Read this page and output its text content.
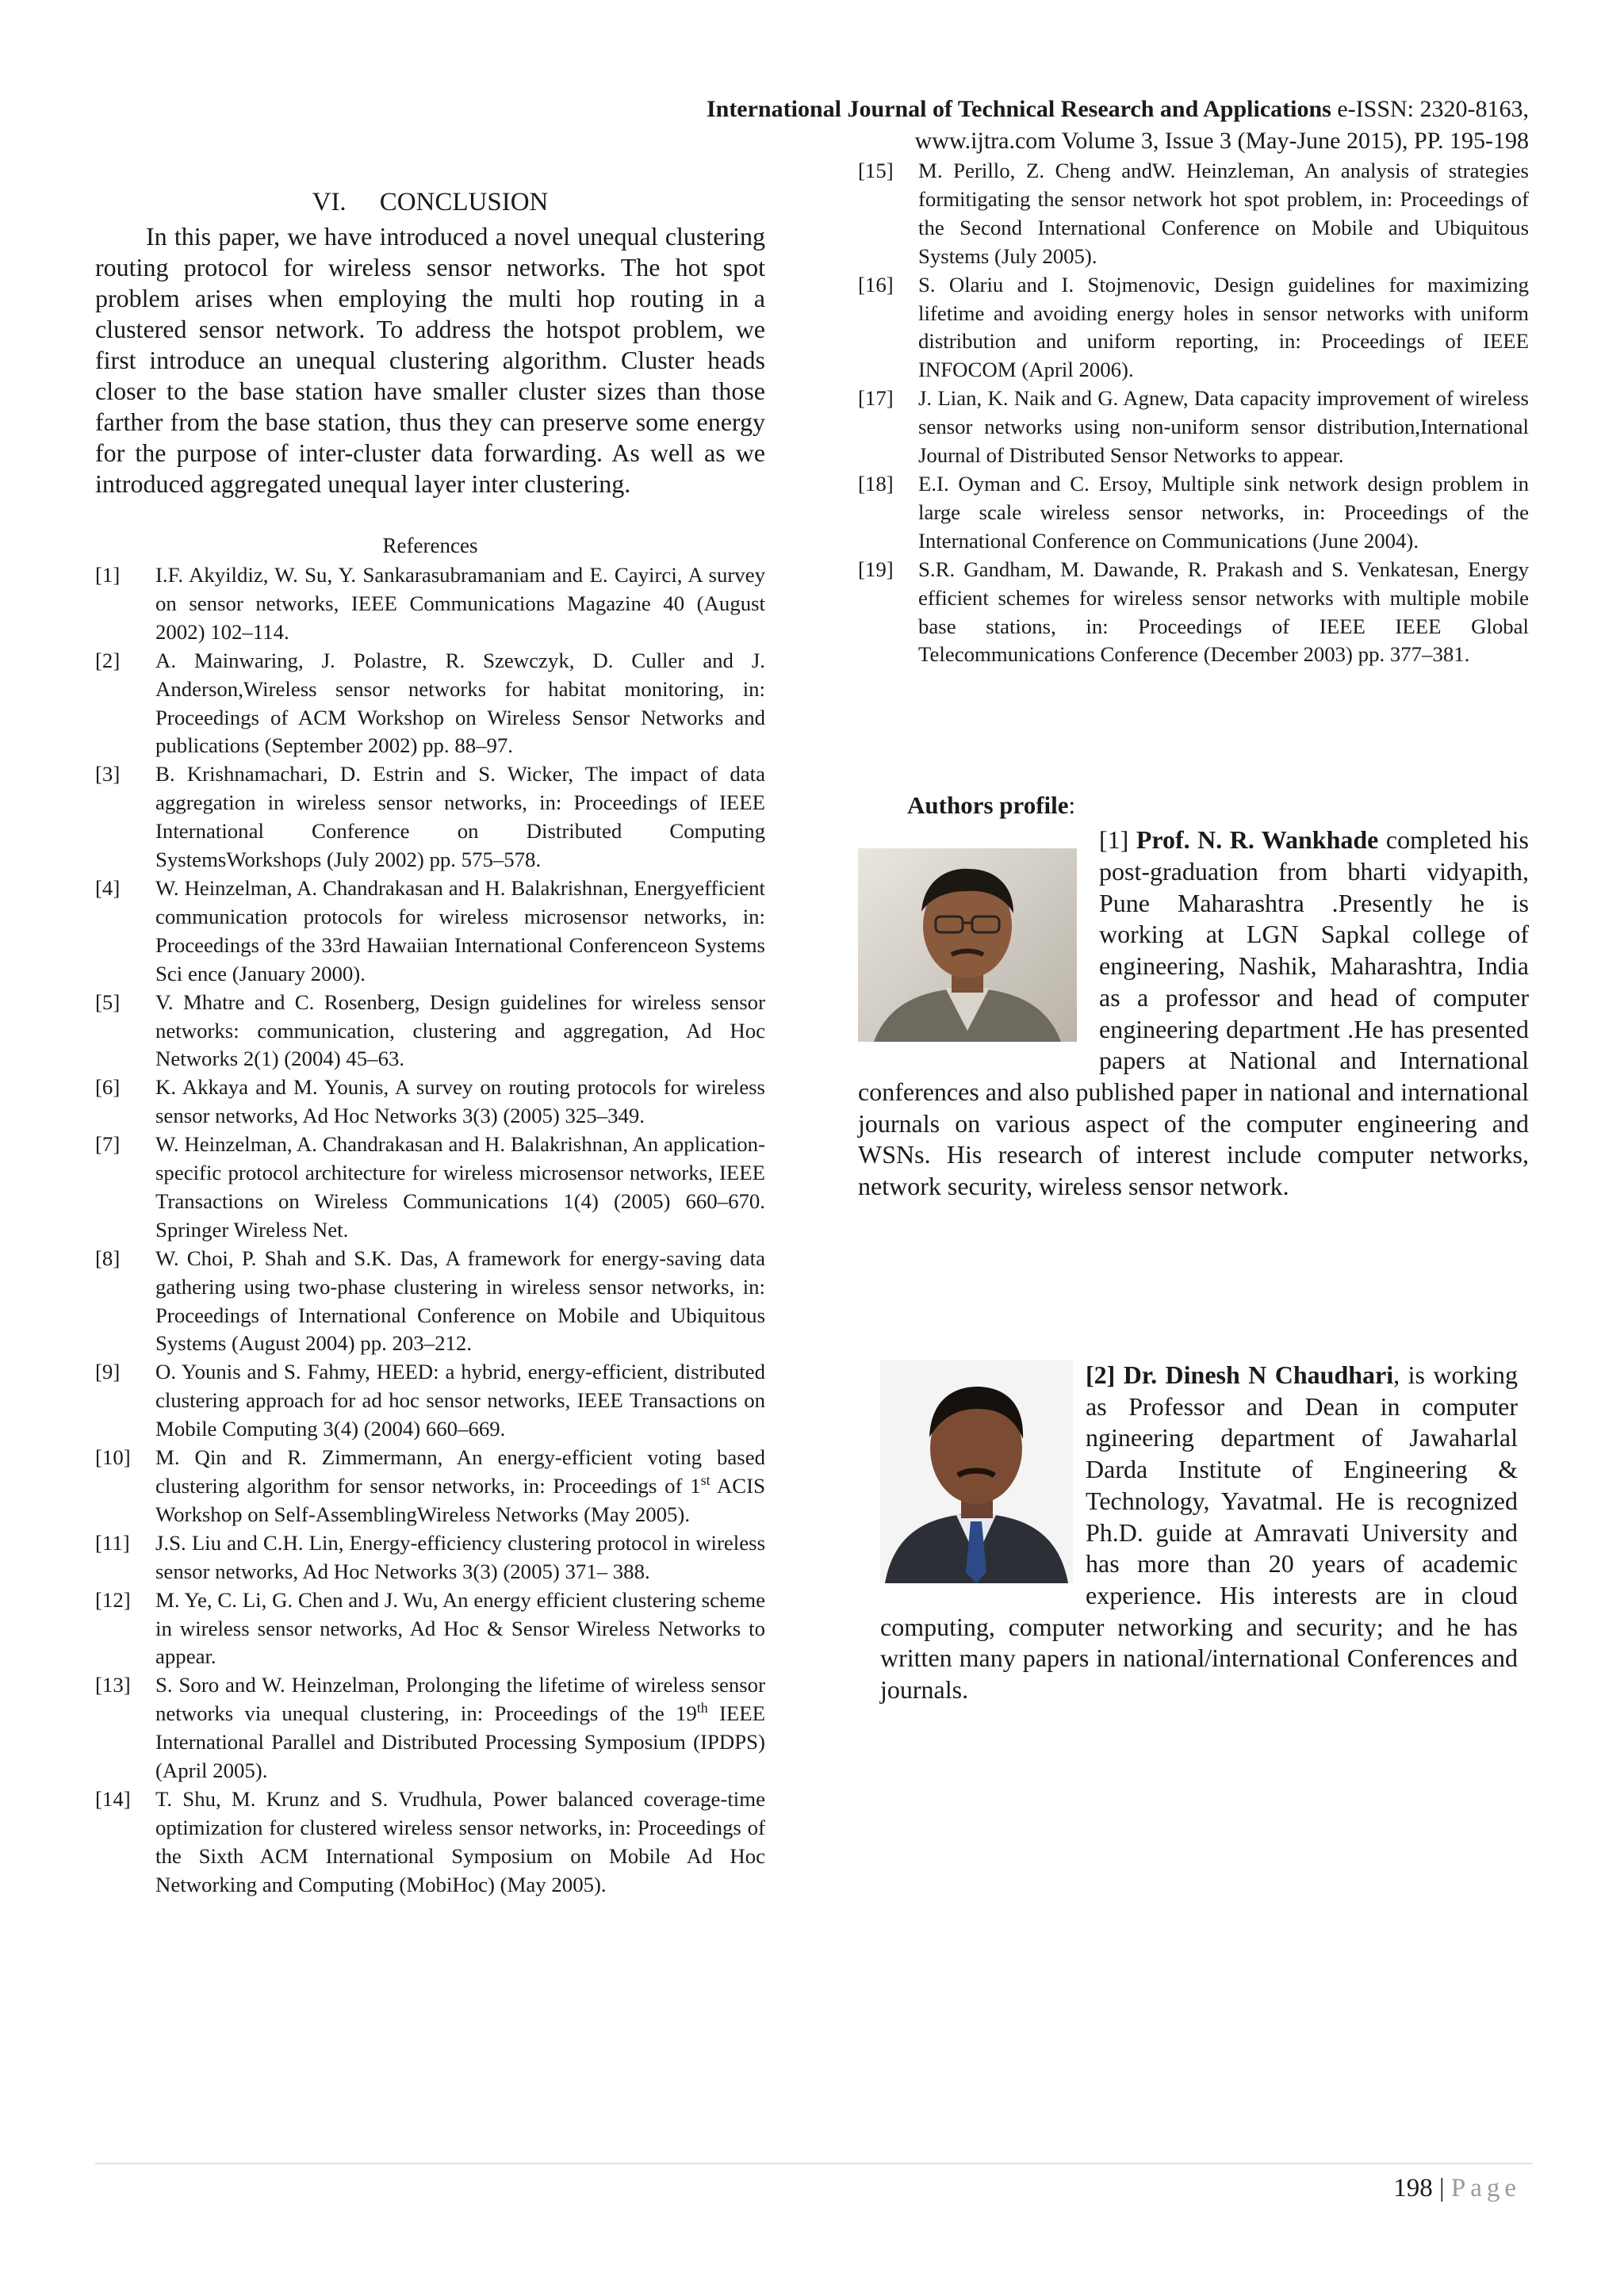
International Journal of Technical Research and Applications e-ISSN: 2320-8163,
www.ijtra.com Volume 3, Issue 3 (May-June 2015), PP. 195-198
VI. CONCLUSION

In this paper, we have introduced a novel unequal clustering routing protocol for wireless sensor networks. The hot spot problem arises when employing the multi hop routing in a clustered sensor network. To address the hotspot problem, we first introduce an unequal clustering algorithm. Cluster heads closer to the base station have smaller cluster sizes than those farther from the base station, thus they can preserve some energy for the purpose of inter-cluster data forwarding. As well as we introduced aggregated unequal layer inter clustering.

References
[1]	I.F. Akyildiz, W. Su, Y. Sankarasubramaniam and E. Cayirci, A survey on sensor networks, IEEE Communications Magazine 40 (August 2002) 102–114.
[2]	A. Mainwaring, J. Polastre, R. Szewczyk, D. Culler and J. Anderson,Wireless sensor networks for habitat monitoring, in: Proceedings of ACM Workshop on Wireless Sensor Networks and publications (September 2002) pp. 88–97.
[3]	B. Krishnamachari, D. Estrin and S. Wicker, The impact of data aggregation in wireless sensor networks, in: Proceedings of IEEE International Conference on Distributed Computing SystemsWorkshops (July 2002) pp. 575–578.
[4]	W. Heinzelman, A. Chandrakasan and H. Balakrishnan, Energyefficient communication protocols for wireless microsensor networks, in: Proceedings of the 33rd Hawaiian International Conferenceon Systems Sci ence (January 2000).
[5]	V. Mhatre and C. Rosenberg, Design guidelines for wireless sensor networks: communication, clustering and aggregation, Ad Hoc Networks 2(1) (2004) 45–63.
[6]	K. Akkaya and M. Younis, A survey on routing protocols for wireless sensor networks, Ad Hoc Networks 3(3) (2005) 325–349.
[7]	W. Heinzelman, A. Chandrakasan and H. Balakrishnan, An application-specific protocol architecture for wireless microsensor networks, IEEE Transactions on Wireless Communications 1(4) (2005) 660–670. Springer Wireless Net.
[8]	W. Choi, P. Shah and S.K. Das, A framework for energy-saving data gathering using two-phase clustering in wireless sensor networks, in: Proceedings of International Conference on Mobile and Ubiquitous Systems (August 2004) pp. 203–212.
[9]	O. Younis and S. Fahmy, HEED: a hybrid, energy-efficient, distributed clustering approach for ad hoc sensor networks, IEEE Transactions on Mobile Computing 3(4) (2004) 660–669.
[10]	M. Qin and R. Zimmermann, An energy-efficient voting based clustering algorithm for sensor networks, in: Proceedings of 1st ACIS Workshop on Self-AssemblingWireless Networks (May 2005).
[11]	J.S. Liu and C.H. Lin, Energy-efficiency clustering protocol in wireless sensor networks, Ad Hoc Networks 3(3) (2005) 371– 388.
[12]	M. Ye, C. Li, G. Chen and J. Wu, An energy efficient clustering scheme in wireless sensor networks, Ad Hoc & Sensor Wireless Networks to appear.
[13]	S. Soro and W. Heinzelman, Prolonging the lifetime of wireless sensor networks via unequal clustering, in: Proceedings of the 19th IEEE International Parallel and Distributed Processing Symposium (IPDPS) (April 2005).
[14]	T. Shu, M. Krunz and S. Vrudhula, Power balanced coverage-time optimization for clustered wireless sensor networks, in: Proceedings of the Sixth ACM International Symposium on Mobile Ad Hoc Networking and Computing (MobiHoc) (May 2005).
[15]	M. Perillo, Z. Cheng andW. Heinzleman, An analysis of strategies formitigating the sensor network hot spot problem, in: Proceedings of the Second International Conference on Mobile and Ubiquitous Systems (July 2005).
[16]	S. Olariu and I. Stojmenovic, Design guidelines for maximizing lifetime and avoiding energy holes in sensor networks with uniform distribution and uniform reporting, in: Proceedings of IEEE INFOCOM (April 2006).
[17]	J. Lian, K. Naik and G. Agnew, Data capacity improvement of wireless sensor networks using non-uniform sensor distribution,International Journal of Distributed Sensor Networks to appear.
[18]	E.I. Oyman and C. Ersoy, Multiple sink network design problem in large scale wireless sensor networks, in: Proceedings of the International Conference on Communications (June 2004).
[19]	S.R. Gandham, M. Dawande, R. Prakash and S. Venkatesan, Energy efficient schemes for wireless sensor networks with multiple mobile base stations, in: Proceedings of IEEE IEEE Global Telecommunications Conference (December 2003) pp. 377–381.
Authors profile:
[1] Prof. N. R. Wankhade completed his post-graduation from bharti vidyapith, Pune Maharashtra .Presently he is working at LGN Sapkal college of engineering, Nashik, Maharashtra, India as a professor and head of computer engineering department .He has presented papers at National and International conferences and also published paper in national and international journals on various aspect of the computer engineering and WSNs. His research of interest include computer networks, network security, wireless sensor network.
[2] Dr. Dinesh N Chaudhari, is working as Professor and Dean in computer ngineering department of Jawaharlal Darda Institute of Engineering & Technology, Yavatmal. He is recognized Ph.D. guide at Amravati University and has more than 20 years of academic experience. His interests are in cloud computing, computer networking and security; and he has written many papers in national/international Conferences and journals.
198 | Page
